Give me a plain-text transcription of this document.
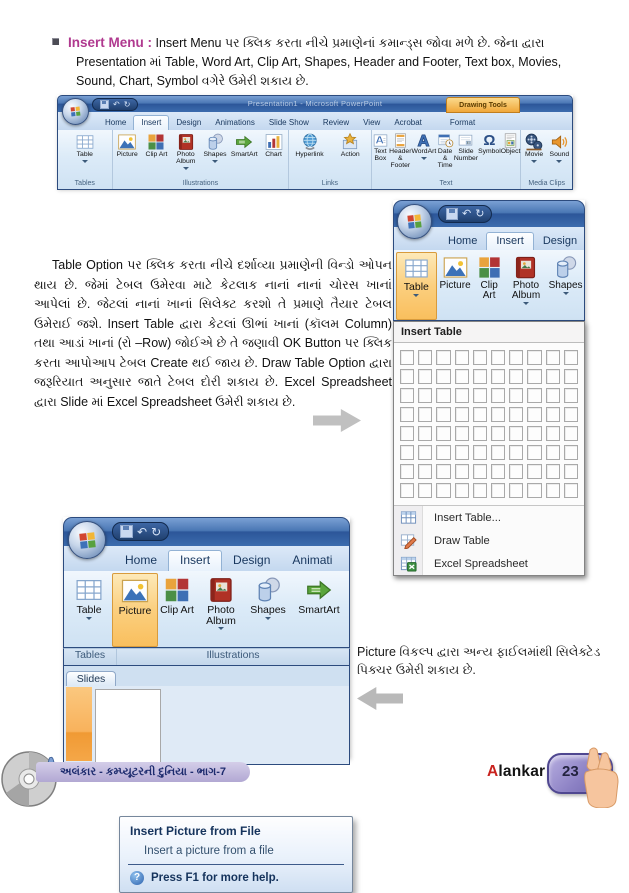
Insert Menu : Insert Menu પર ક્લિક કરતા નીચે પ્રમાણેનાં કમાન્ડ્સ જોવા મળે છે. જેના દ્વારા Presentation માં Table, Word Art, Clip Art, Shapes, Header and Footer, Text box, Movies, Sound, Chart, Symbol વગેરે ઉમેરી શકાય છે.

↶ ↻	Presentation1 - Microsoft PowerPoint	Drawing Tools
Home	Insert	Design	Animations	Slide Show	Review	View	Acrobat	Format
Table
Tables
Picture Clip Art	Photo Album
Shapes SmartArt Chart
Illustrations
Hyperlink	Action
Links
Text Box
Header & Footer
WordArt Date & Time
Slide Number
Ω
Symbol Object
Text
Movie Sound
Media Clips

Table Option પર ક્લિક કરતા નીચે દર્શાવ્યા પ્રમાણેની વિન્ડો ઓપન થાય છે. જેમાં ટેબલ ઉમેરવા માટે કેટલાક નાનાં નાનાં ચોરસ ખાનાં આપેલાં છે. જેટલાં નાનાં ખાનાં સિલેક્ટ કરશો તે પ્રમાણે તૈયાર ટેબલ ઉમેરાઈ જશે. Insert Table દ્વારા કેટલાં ઊભાં ખાનાં (કૉલમ Column) તથા આડાં ખાનાં (રો –Row) જોઈએ છે તે જણાવી OK Button પર ક્લિક કરતા આપોઆપ ટેબલ Create થઈ જાય છે. Draw Table Option દ્વારા જરૂરિયાત અનુસાર જાતે ટેબલ દોરી શકાય છે. Excel Spreadsheet દ્વારા Slide માં Excel Spreadsheet ઉમેરી શકાય છે.

↶ ↻
Home	Insert	Design
Table Picture Clip Art
Photo Album
Shapes
Insert Table
Insert Table...
Draw Table
Excel Spreadsheet
↶ ↻
Home	Insert	Design	Animati
Table Picture Clip Art	Photo Album
Shapes SmartArt
Tables	Illustrations
Slides
Insert Picture from File
Insert a picture from a file
? Press F1 for more help.
Picture વિકલ્પ દ્વારા અન્ય ફાઈલમાંથી સિલેક્ટેડ પિક્ચર ઉમેરી શકાય છે.
અલંકાર - કમ્પ્યૂટરની દુનિયા - ભાગ-7	Alankar 23
